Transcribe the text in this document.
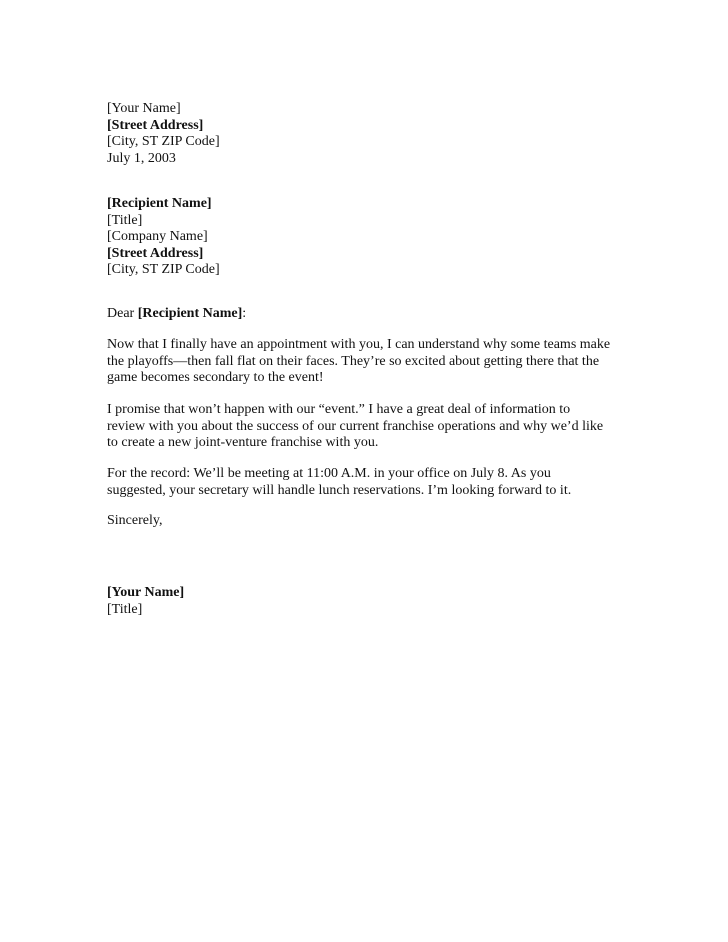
[Your Name]
[Street Address]
[City, ST ZIP Code]
July 1, 2003
[Recipient Name]
[Title]
[Company Name]
[Street Address]
[City, ST ZIP Code]
Dear [Recipient Name]:
Now that I finally have an appointment with you, I can understand why some teams make
the playoffs—then fall flat on their faces. They’re so excited about getting there that the
game becomes secondary to the event!
I promise that won’t happen with our “event.” I have a great deal of information to
review with you about the success of our current franchise operations and why we’d like
to create a new joint-venture franchise with you.
For the record: We’ll be meeting at 11:00 A.M. in your office on July 8. As you
suggested, your secretary will handle lunch reservations. I’m looking forward to it.
Sincerely,
[Your Name]
[Title]
